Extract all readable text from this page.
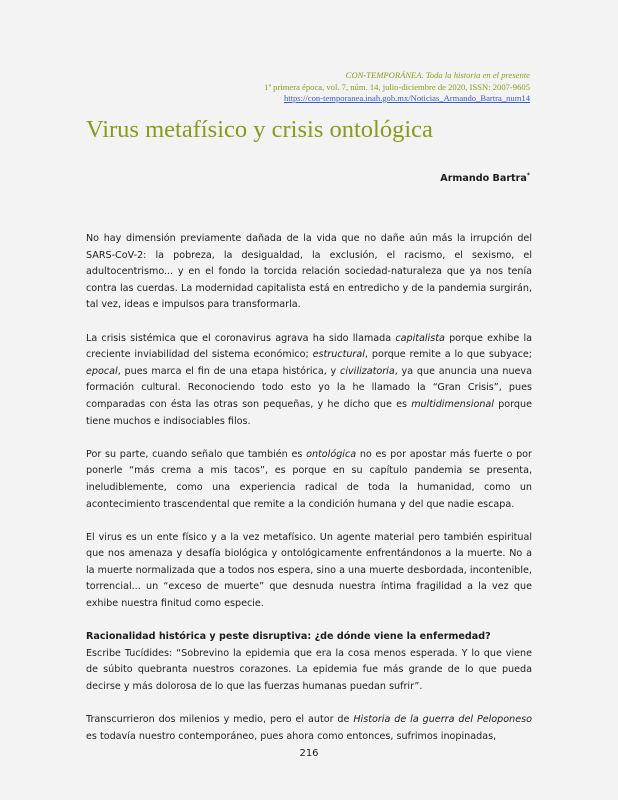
CON-TEMPORÁNEA. Toda la historia en el presente
1ª primera época, vol. 7, núm. 14, julio-diciembre de 2020, ISSN: 2007-9605
https://con-temporanea.inah.gob.mx/Noticias_Armando_Bartra_num14
Virus metafísico y crisis ontológica
Armando Bartra*

No hay dimensión previamente dañada de la vida que no dañe aún más la irrupción del SARS-CoV-2: la pobreza, la desigualdad, la exclusión, el racismo, el sexismo, el adultocentrismo... y en el fondo la torcida relación sociedad-naturaleza que ya nos tenía contra las cuerdas. La modernidad capitalista está en entredicho y de la pandemia surgirán, tal vez, ideas e impulsos para transformarla.

La crisis sistémica que el coronavirus agrava ha sido llamada capitalista porque exhibe la creciente inviabilidad del sistema económico; estructural, porque remite a lo que subyace; epocal, pues marca el fin de una etapa histórica, y civilizatoria, ya que anuncia una nueva formación cultural. Reconociendo todo esto yo la he llamado la “Gran Crisis”, pues comparadas con ésta las otras son pequeñas, y he dicho que es multidimensional porque tiene muchos e indisociables filos.

Por su parte, cuando señalo que también es ontológica no es por apostar más fuerte o por ponerle “más crema a mis tacos”, es porque en su capítulo pandemia se presenta, ineludiblemente, como una experiencia radical de toda la humanidad, como un acontecimiento trascendental que remite a la condición humana y del que nadie escapa.

El virus es un ente físico y a la vez metafísico. Un agente material pero también espiritual que nos amenaza y desafía biológica y ontológicamente enfrentándonos a la muerte. No a la muerte normalizada que a todos nos espera, sino a una muerte desbordada, incontenible, torrencial... un “exceso de muerte” que desnuda nuestra íntima fragilidad a la vez que exhibe nuestra finitud como especie.

Racionalidad histórica y peste disruptiva: ¿de dónde viene la enfermedad?

Escribe Tucídides: “Sobrevino la epidemia que era la cosa menos esperada. Y lo que viene de súbito quebranta nuestros corazones. La epidemia fue más grande de lo que pueda decirse y más dolorosa de lo que las fuerzas humanas puedan sufrir”.

Transcurrieron dos milenios y medio, pero el autor de Historia de la guerra del Peloponeso es todavía nuestro contemporáneo, pues ahora como entonces, sufrimos inopinadas,

216
